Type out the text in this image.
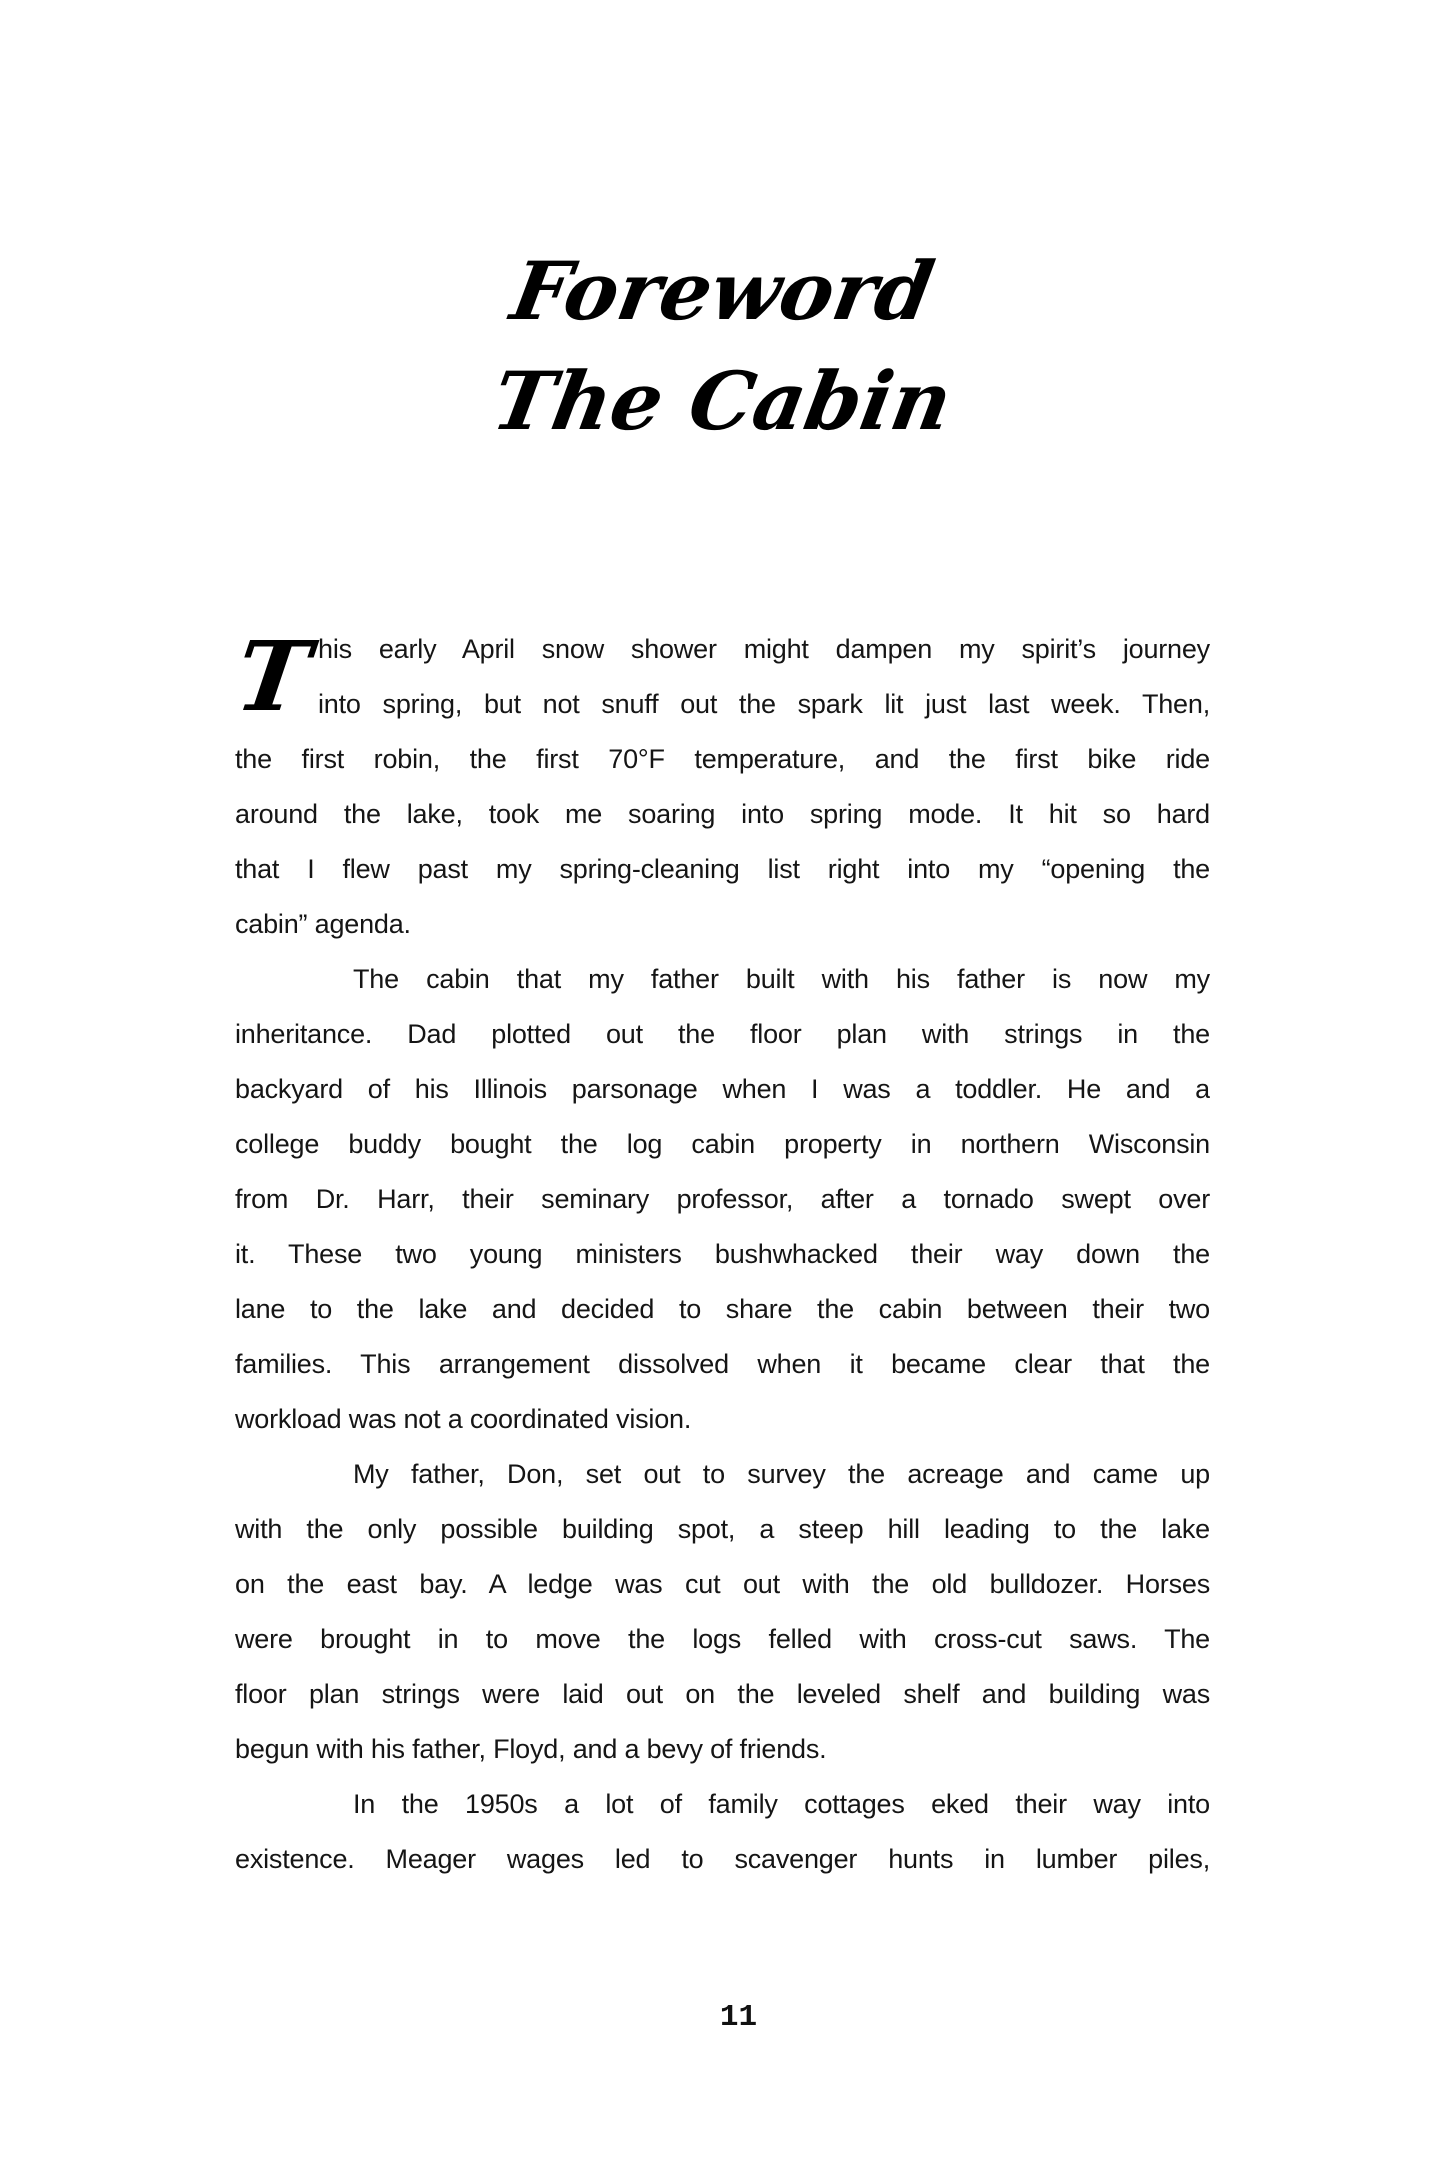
Foreword
The Cabin
T his early April snow shower might dampen my spirit’s journey
into spring, but not snuff out the spark lit just last week. Then,
the first robin, the first 70°F temperature, and the first bike ride
around the lake, took me soaring into spring mode. It hit so hard
that I flew past my spring-cleaning list right into my “opening the
cabin” agenda.
The cabin that my father built with his father is now my
inheritance. Dad plotted out the floor plan with strings in the
backyard of his Illinois parsonage when I was a toddler. He and a
college buddy bought the log cabin property in northern Wisconsin
from Dr. Harr, their seminary professor, after a tornado swept over
it. These two young ministers bushwhacked their way down the
lane to the lake and decided to share the cabin between their two
families. This arrangement dissolved when it became clear that the
workload was not a coordinated vision.
My father, Don, set out to survey the acreage and came up
with the only possible building spot, a steep hill leading to the lake
on the east bay. A ledge was cut out with the old bulldozer. Horses
were brought in to move the logs felled with cross-cut saws. The
floor plan strings were laid out on the leveled shelf and building was
begun with his father, Floyd, and a bevy of friends.
In the 1950s a lot of family cottages eked their way into
existence. Meager wages led to scavenger hunts in lumber piles,
11
